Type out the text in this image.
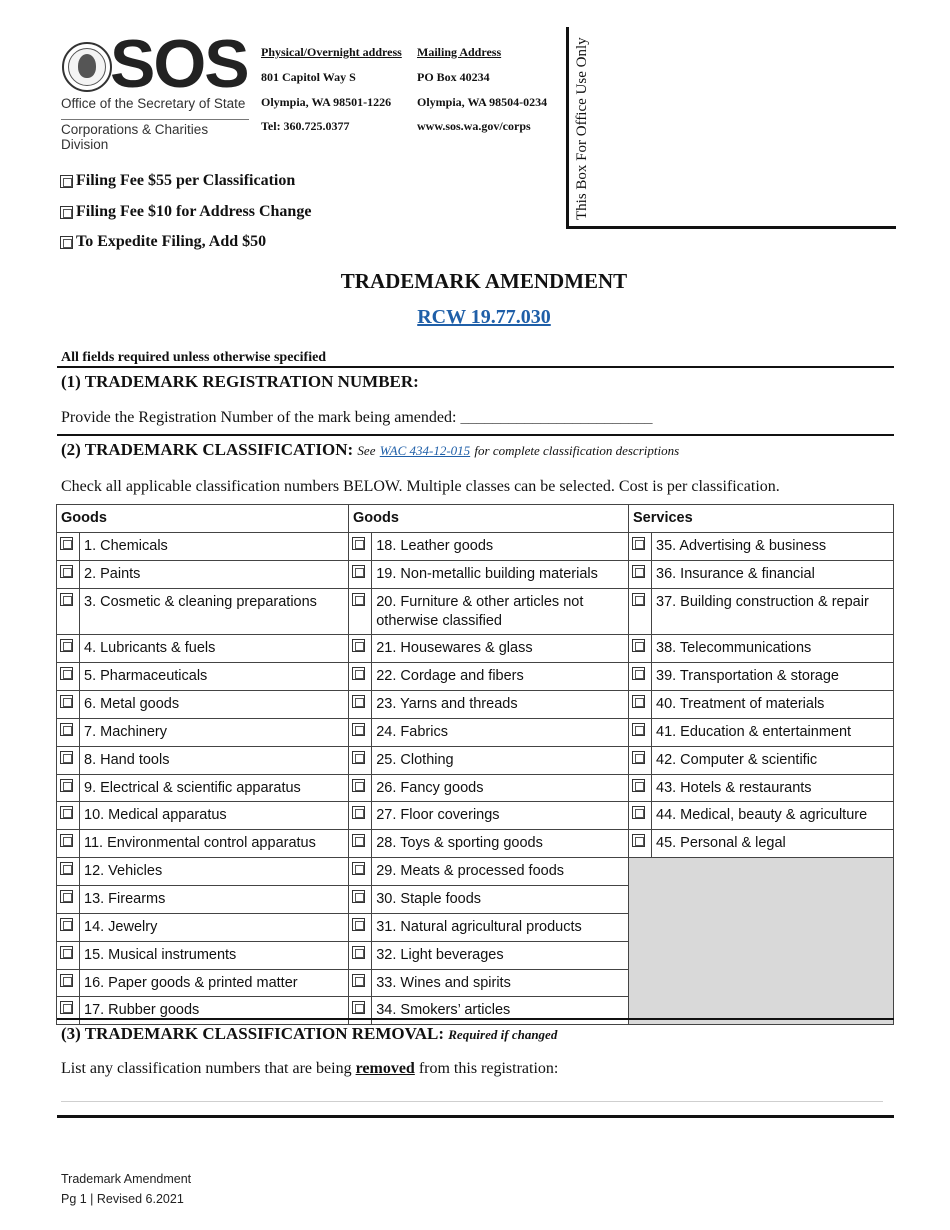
SOS
Office of the Secretary of State
Corporations & Charities Division
Physical/Overnight address
801 Capitol Way S
Olympia, WA 98501-1226
Tel: 360.725.0377
Mailing Address
PO Box 40234
Olympia, WA 98504-0234
www.sos.wa.gov/corps	This Box For Office Use Only
Filing Fee $55 per Classification
Filing Fee $10 for Address Change
To Expedite Filing, Add $50
TRADEMARK AMENDMENT
RCW 19.77.030
All fields required unless otherwise specified
(1) TRADEMARK REGISTRATION NUMBER:
Provide the Registration Number of the mark being amended: ________________________
(2) TRADEMARK CLASSIFICATION: See WAC 434-12-015 for complete classification descriptions
Check all applicable classification numbers BELOW. Multiple classes can be selected. Cost is per classification.
Goods		Goods		Services	
	1. Chemicals		18. Leather goods		35. Advertising & business
	2. Paints		19. Non-metallic building materials		36. Insurance & financial
	3. Cosmetic & cleaning preparations		20. Furniture & other articles not otherwise classified		37. Building construction & repair
	4. Lubricants & fuels		21. Housewares & glass		38. Telecommunications
	5. Pharmaceuticals		22. Cordage and fibers		39. Transportation & storage
	6. Metal goods		23. Yarns and threads		40. Treatment of materials
	7. Machinery		24. Fabrics		41. Education & entertainment
	8. Hand tools		25. Clothing		42. Computer & scientific
	9. Electrical & scientific apparatus		26. Fancy goods		43. Hotels & restaurants
	10. Medical apparatus		27. Floor coverings		44. Medical, beauty & agriculture
	11. Environmental control apparatus		28. Toys & sporting goods		45. Personal & legal
	12. Vehicles		29. Meats & processed foods		
	13. Firearms		30. Staple foods		
	14. Jewelry		31. Natural agricultural products		
	15. Musical instruments		32. Light beverages		
	16. Paper goods & printed matter		33. Wines and spirits		
	17. Rubber goods		34. Smokers’ articles		
(3) TRADEMARK CLASSIFICATION REMOVAL: Required if changed
List any classification numbers that are being removed from this registration:
Trademark Amendment
Pg 1 | Revised 6.2021
